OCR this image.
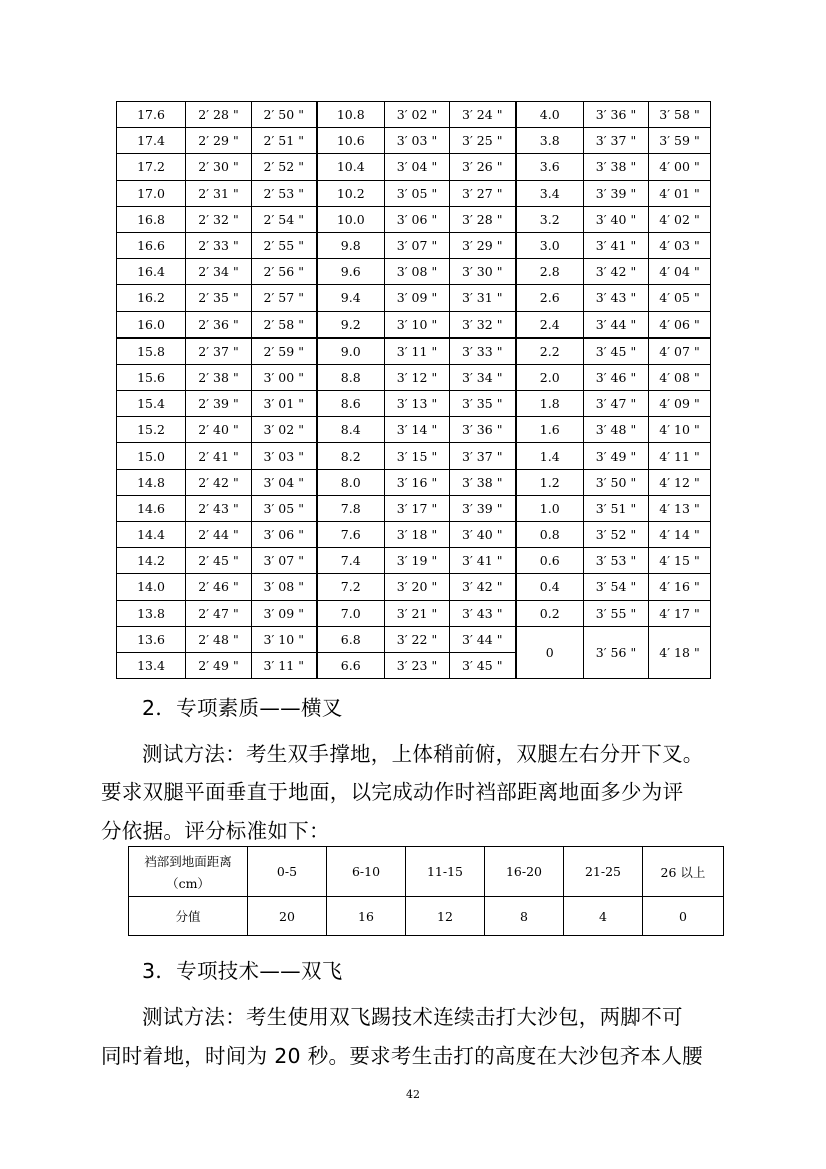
17.6	2′ 28 "	2′ 50 "	10.8	3′ 02 "	3′ 24 "	4.0	3′ 36 "	3′ 58 "
17.4	2′ 29 "	2′ 51 "	10.6	3′ 03 "	3′ 25 "	3.8	3′ 37 "	3′ 59 "
17.2	2′ 30 "	2′ 52 "	10.4	3′ 04 "	3′ 26 "	3.6	3′ 38 "	4′ 00 "
17.0	2′ 31 "	2′ 53 "	10.2	3′ 05 "	3′ 27 "	3.4	3′ 39 "	4′ 01 "
16.8	2′ 32 "	2′ 54 "	10.0	3′ 06 "	3′ 28 "	3.2	3′ 40 "	4′ 02 "
16.6	2′ 33 "	2′ 55 "	9.8	3′ 07 "	3′ 29 "	3.0	3′ 41 "	4′ 03 "
16.4	2′ 34 "	2′ 56 "	9.6	3′ 08 "	3′ 30 "	2.8	3′ 42 "	4′ 04 "
16.2	2′ 35 "	2′ 57 "	9.4	3′ 09 "	3′ 31 "	2.6	3′ 43 "	4′ 05 "
16.0	2′ 36 "	2′ 58 "	9.2	3′ 10 "	3′ 32 "	2.4	3′ 44 "	4′ 06 "
15.8	2′ 37 "	2′ 59 "	9.0	3′ 11 "	3′ 33 "	2.2	3′ 45 "	4′ 07 "
15.6	2′ 38 "	3′ 00 "	8.8	3′ 12 "	3′ 34 "	2.0	3′ 46 "	4′ 08 "
15.4	2′ 39 "	3′ 01 "	8.6	3′ 13 "	3′ 35 "	1.8	3′ 47 "	4′ 09 "
15.2	2′ 40 "	3′ 02 "	8.4	3′ 14 "	3′ 36 "	1.6	3′ 48 "	4′ 10 "
15.0	2′ 41 "	3′ 03 "	8.2	3′ 15 "	3′ 37 "	1.4	3′ 49 "	4′ 11 "
14.8	2′ 42 "	3′ 04 "	8.0	3′ 16 "	3′ 38 "	1.2	3′ 50 "	4′ 12 "
14.6	2′ 43 "	3′ 05 "	7.8	3′ 17 "	3′ 39 "	1.0	3′ 51 "	4′ 13 "
14.4	2′ 44 "	3′ 06 "	7.6	3′ 18 "	3′ 40 "	0.8	3′ 52 "	4′ 14 "
14.2	2′ 45 "	3′ 07 "	7.4	3′ 19 "	3′ 41 "	0.6	3′ 53 "	4′ 15 "
14.0	2′ 46 "	3′ 08 "	7.2	3′ 20 "	3′ 42 "	0.4	3′ 54 "	4′ 16 "
13.8	2′ 47 "	3′ 09 "	7.0	3′ 21 "	3′ 43 "	0.2	3′ 55 "	4′ 17 "
13.6	2′ 48 "	3′ 10 "	6.8	3′ 22 "	3′ 44 "	0	3′ 56 "	4′ 18 "
13.4	2′ 49 "	3′ 11 "	6.6	3′ 23 "	3′ 45 "			

2．专项素质——横叉

测试方法：考生双手撑地，上体稍前俯，双腿左右分开下叉。

要求双腿平面垂直于地面，以完成动作时裆部距离地面多少为评

分依据。评分标准如下：

裆部到地面距离
（cm）	0-5	6-10	11-15	16-20	21-25	26 以上
分值	20	16	12	8	4	0

3．专项技术——双飞

测试方法：考生使用双飞踢技术连续击打大沙包，两脚不可

同时着地，时间为 20 秒。要求考生击打的高度在大沙包齐本人腰

42
